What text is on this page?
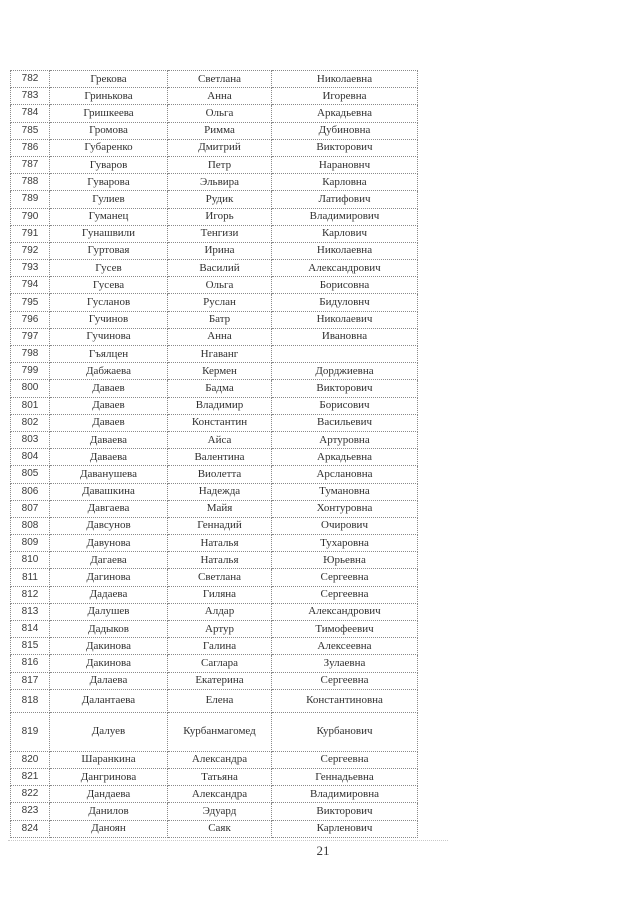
782	Грекова	Светлана	Николаевна
783	Гринькова	Анна	Игоревна
784	Гришкеева	Ольга	Аркадьевна
785	Громова	Римма	Дубиновна
786	Губаренко	Дмитрий	Викторович
787	Гуваров	Петр	Нарановнч
788	Гуваровa	Эльвира	Карловна
789	Гулиев	Рудик	Латифович
790	Гуманец	Игорь	Владимирович
791	Гунашвили	Тенгизи	Карлович
792	Гуртовая	Ирина	Николаевна
793	Гусев	Василий	Александрович
794	Гусева	Ольга	Борисовна
795	Гусланов	Руслан	Бидуловнч
796	Гучинов	Батр	Николаевич
797	Гучинова	Анна	Ивановна
798	Гъялцен	Нгаванг	
799	Дабжаева	Кермен	Дорджиевна
800	Даваев	Бадма	Викторович
801	Даваев	Владимир	Борисович
802	Даваев	Константин	Васильевич
803	Даваева	Айса	Артуровна
804	Даваева	Валентина	Аркадьевна
805	Даванушева	Виолетта	Арслановна
806	Давашкина	Надежда	Тумановна
807	Давгаева	Майя	Хонтуровна
808	Давсунов	Геннадий	Очирович
809	Давунова	Наталья	Тухаровна
810	Дагаева	Наталья	Юрьевна
811	Дагинова	Светлана	Сергеевна
812	Дадаева	Гиляна	Сергеевна
813	Далушев	Алдар	Александрович
814	Дадыков	Артур	Тимофеевич
815	Дакинова	Галина	Алексеевна
816	Дакинова	Саглара	Зулаевна
817	Далаева	Екатерина	Сергеевна
818	Далантаева	Елена	Константиновна
819	Далуев	Курбанмагомед	Курбанович
820	Шаранкина	Александра	Сергеевна
821	Дангринова	Татьяна	Геннадьевна
822	Дандаева	Александра	Владимировна
823	Данилов	Эдуард	Викторович
824	Даноян	Саяк	Карленович
21
